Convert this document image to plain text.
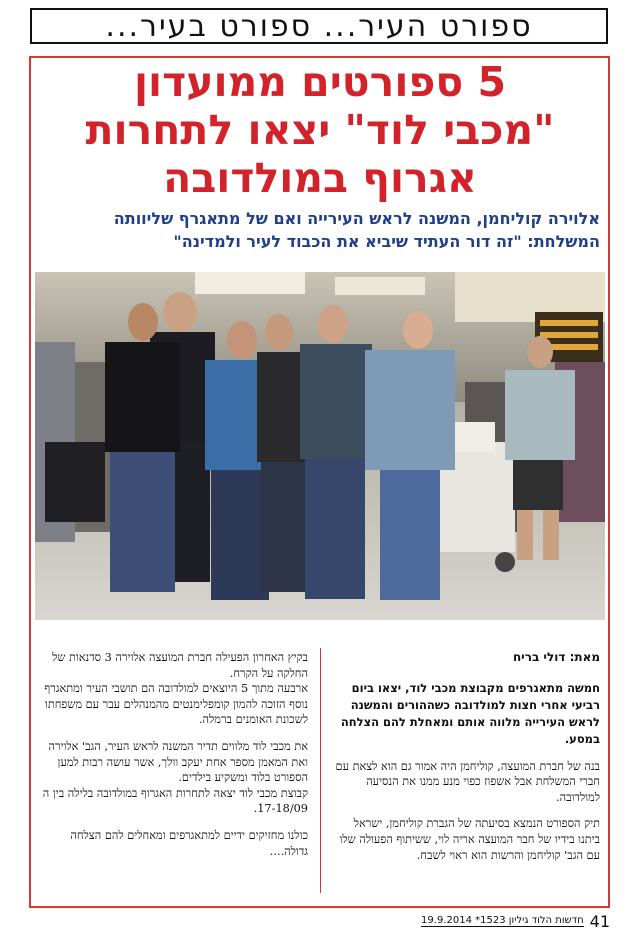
ספורט העיר... ספורט בעיר...
5 ספורטים ממועדון
"מכבי לוד" יצאו לתחרות
אגרוף במולדובה
אלוירה קוליחמן, המשנה לראש העירייה ואם של מתאגרף שליוותה המשלחת: "זה דור העתיד שיביא את הכבוד לעיר ולמדינה"

מאת: דולי בריח

חמשה מתאגרפים מקבוצת מכבי לוד, יצאו ביום רביעי אחרי חצות למולדובה כשההורים והמשנה לראש העירייה מלווה אותם ומאחלת להם הצלחה במסע.

בנה של חברת המועצה, קוליחמן היה אמור גם הוא לצאת עם חברי המשלחת אבל אשפוז כפוי מנע ממנו את הנסיעה למולדובה.

תיק הספורט הנמצא בסיעתה של הגברת קוליחמן, ישראל ביתנו בידיו של חבר המועצה אריה לוי, ששיתוף הפעולה שלו עם הגב' קוליחמן והרשות הוא ראוי לשבח.

בקיץ האחרון הפעילה חברת המועצה אלוירה 3 סדנאות של החלקה על הקרח.

ארבעה מתוך 5 היוצאים למולדובה הם תושבי העיר ומתאגרף נוסף הזוכה להמון קומפלימנטים מהמנהלים עבר עם משפחתו לשכונת האומנים ברמלה.

את מכבי לוד מלווים תדיר המשנה לראש העיר, הגב' אלוירה ואת המאמן מספר אחת יעקב וולך, אשר עושה רבות למען הספורט בלוד ומשקיע בילדים.

קבוצת מכבי לוד יצאה לתחרות האגרוף במולדובה בלילה בין ה 17-18/09.

כולנו מחזיקים ידיים למתאגרפים ומאחלים להם הצלחה גדולה....

41
חדשות הלוד גיליון 1523* 19.9.2014
